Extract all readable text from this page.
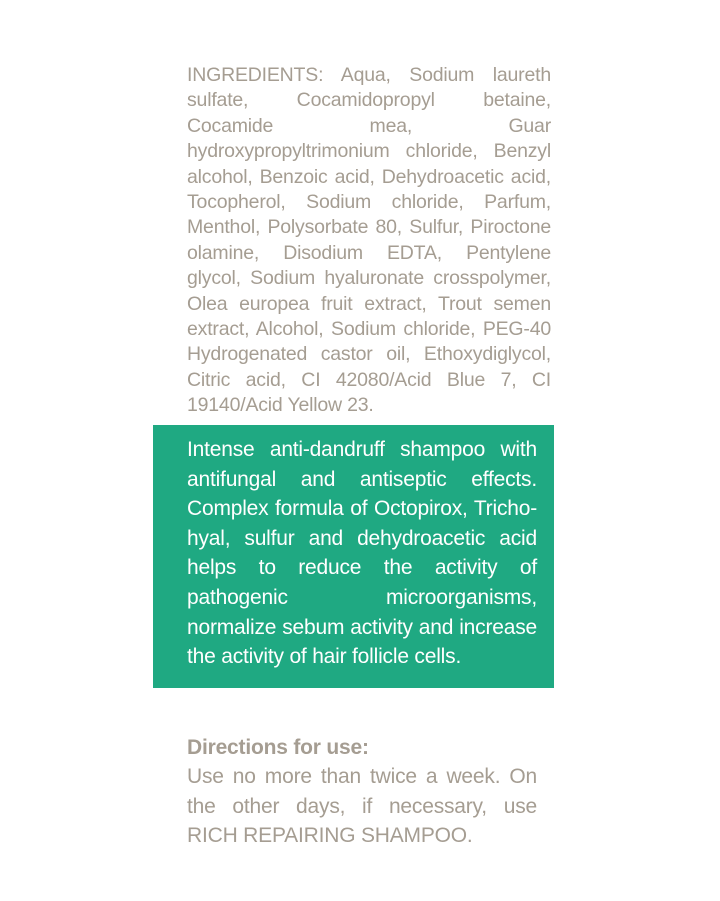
INGREDIENTS: Aqua, Sodium laureth sulfate, Cocamidopropyl betaine, Cocamide mea, Guar hydroxypropyltrimonium chloride, Benzyl alcohol, Benzoic acid, Dehydroacetic acid, Tocopherol, Sodium chloride, Parfum, Menthol, Polysorbate 80, Sulfur, Piroctone olamine, Disodium EDTA, Pentylene glycol, Sodium hyaluronate crosspolymer, Olea europea fruit extract, Trout semen extract, Alcohol, Sodium chloride, PEG-40 Hydrogenated castor oil, Ethoxydiglycol, Citric acid, CI 42080/Acid Blue 7, CI 19140/Acid Yellow 23.

Intense anti-dandruff shampoo with antifungal and antiseptic effects. Complex formula of Octopirox, Tricho-hyal, sulfur and dehydroacetic acid helps to reduce the activity of pathogenic microorganisms, normalize sebum activity and increase the activity of hair follicle cells.

Directions for use:

Use no more than twice a week. On the other days, if necessary, use RICH REPAIRING SHAMPOO.
